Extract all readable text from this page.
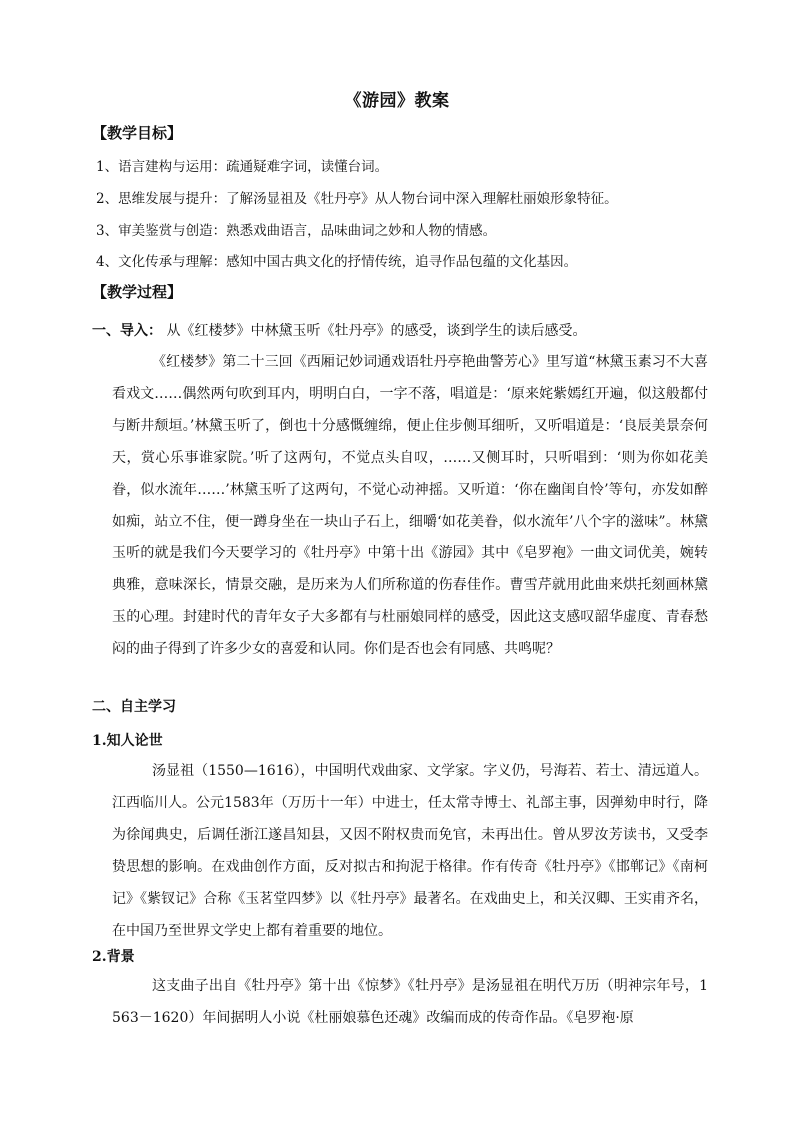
《游园》教案
【教学目标】
1、语言建构与运用：疏通疑难字词，读懂台词。
2、思维发展与提升：了解汤显祖及《牡丹亭》从人物台词中深入理解杜丽娘形象特征。
3、审美鉴赏与创造：熟悉戏曲语言，品味曲词之妙和人物的情感。
4、文化传承与理解：感知中国古典文化的抒情传统，追寻作品包蕴的文化基因。
【教学过程】
一、导入： 从《红楼梦》中林黛玉听《牡丹亭》的感受，谈到学生的读后感受。
《红楼梦》第二十三回《西厢记妙词通戏语牡丹亭艳曲警芳心》里写道“林黛玉素习不大喜看戏文……偶然两句吹到耳内，明明白白，一字不落，唱道是：‘原来姹紫嫣红开遍，似这般都付与断井颓垣。’林黛玉听了，倒也十分感慨缠绵，便止住步侧耳细听，又听唱道是：‘良辰美景奈何天，赏心乐事谁家院。’听了这两句，不觉点头自叹，……又侧耳时，只听唱到：‘则为你如花美眷，似水流年……’林黛玉听了这两句，不觉心动神摇。又听道：‘你在幽闺自怜’等句，亦发如醉如痴，站立不住，便一蹲身坐在一块山子石上，细嚼‘如花美眷，似水流年’八个字的滋味”。林黛玉听的就是我们今天要学习的《牡丹亭》中第十出《游园》其中《皂罗袍》一曲文词优美，婉转典雅，意味深长，情景交融，是历来为人们所称道的伤春佳作。曹雪芹就用此曲来烘托刻画林黛玉的心理。封建时代的青年女子大多都有与杜丽娘同样的感受，因此这支感叹韶华虚度、青春愁闷的曲子得到了许多少女的喜爱和认同。你们是否也会有同感、共鸣呢？
二、自主学习
1.知人论世
汤显祖（1550—1616），中国明代戏曲家、文学家。字义仍，号海若、若士、清远道人。江西临川人。公元1583年（万历十一年）中进士，任太常寺博士、礼部主事，因弹劾申时行，降为徐闻典史，后调任浙江遂昌知县，又因不附权贵而免官，未再出仕。曾从罗汝芳读书，又受李贽思想的影响。在戏曲创作方面，反对拟古和拘泥于格律。作有传奇《牡丹亭》《邯郸记》《南柯记》《紫钗记》合称《玉茗堂四梦》以《牡丹亭》最著名。在戏曲史上，和关汉卿、王实甫齐名，在中国乃至世界文学史上都有着重要的地位。
2.背景
这支曲子出自《牡丹亭》第十出《惊梦》《牡丹亭》是汤显祖在明代万历（明神宗年号，1563－1620）年间据明人小说《杜丽娘慕色还魂》改编而成的传奇作品。《皂罗袍·原
